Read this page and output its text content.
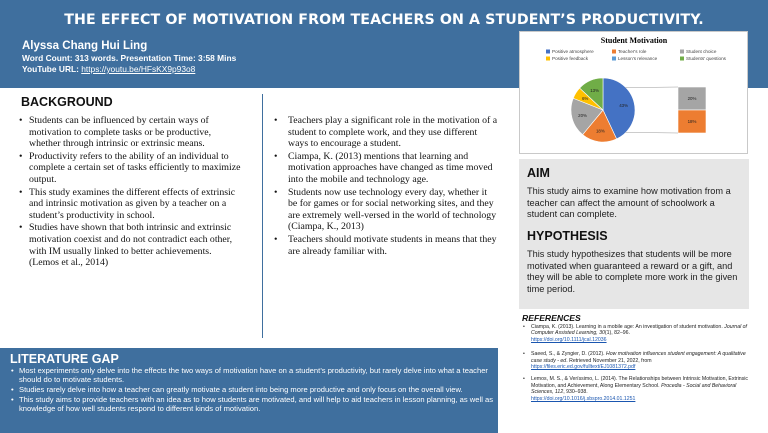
THE EFFECT OF MOTIVATION FROM TEACHERS ON A STUDENT’S PRODUCTIVITY.
Alyssa Chang Hui Ling
Word Count: 313 words. Presentation Time: 3:58 Mins
YouTube URL: https://youtu.be/HFsKX9p93o8
Student Motivation
Positive atmosphere	Teacher's role	Student choice
Positive feedback	Lesson's relevance	Students' questions
43%
18%
20%
6%
13%
20%
18%
BACKGROUND
• Students can be influenced by certain ways of motivation to complete tasks or be productive, whether through intrinsic or extrinsic means.
• Productivity refers to the ability of an individual to complete a certain set of tasks efficiently to maximize output.
• This study examines the different effects of extrinsic and intrinsic motivation as given by a teacher on a student’s productivity in school.
• Studies have shown that both intrinsic and extrinsic motivation coexist and do not contradict each other, with IM usually linked to better achievements. (Lemos et al., 2014)
• Teachers play a significant role in the motivation of a student to complete work, and they use different ways to encourage a student.
• Ciampa, K. (2013) mentions that learning and motivation approaches have changed as time moved into the mobile and technology age.
• Students now use technology every day, whether it be for games or for social networking sites, and they are extremely well-versed in the world of technology (Ciampa, K., 2013)
• Teachers should motivate students in means that they are already familiar with.
AIM
This study aims to examine how motivation from a teacher can affect the amount of schoolwork a student can complete.
HYPOTHESIS
This study hypothesizes that students will be more motivated when guaranteed a reward or a gift, and they will be able to complete more work in the given time period.
REFERENCES
• Ciampa, K. (2013). Learning in a mobile age: An investigation of student motivation. Journal of Computer Assisted Learning, 30(1), 82–96.
https://doi.org/10.1111/jcal.12036
• Saeed, S., & Zyngier, D. (2012). How motivation influences student engagement: A qualitative case study - ed. Retrieved November 21, 2022, from https://files.eric.ed.gov/fulltext/EJ1081372.pdf
• Lemos, M. S., & Veríssimo, L. (2014). The Relationships between Intrinsic Motivation, Extrinsic Motivation, and Achievement, Along Elementary School. Procedia - Social and Behavioral Sciences, 112, 930–938.
https://doi.org/10.1016/j.sbspro.2014.01.1251
LITERATURE GAP
• Most experiments only delve into the effects the two ways of motivation have on a student’s productivity, but rarely delve into what a teacher should do to motivate students.
• Studies rarely delve into how a teacher can greatly motivate a student into being more productive and only focus on the overall view.
• This study aims to provide teachers with an idea as to how students are motivated, and will help to aid teachers in lesson planning, as well as knowledge of how well students respond to different kinds of motivation.
